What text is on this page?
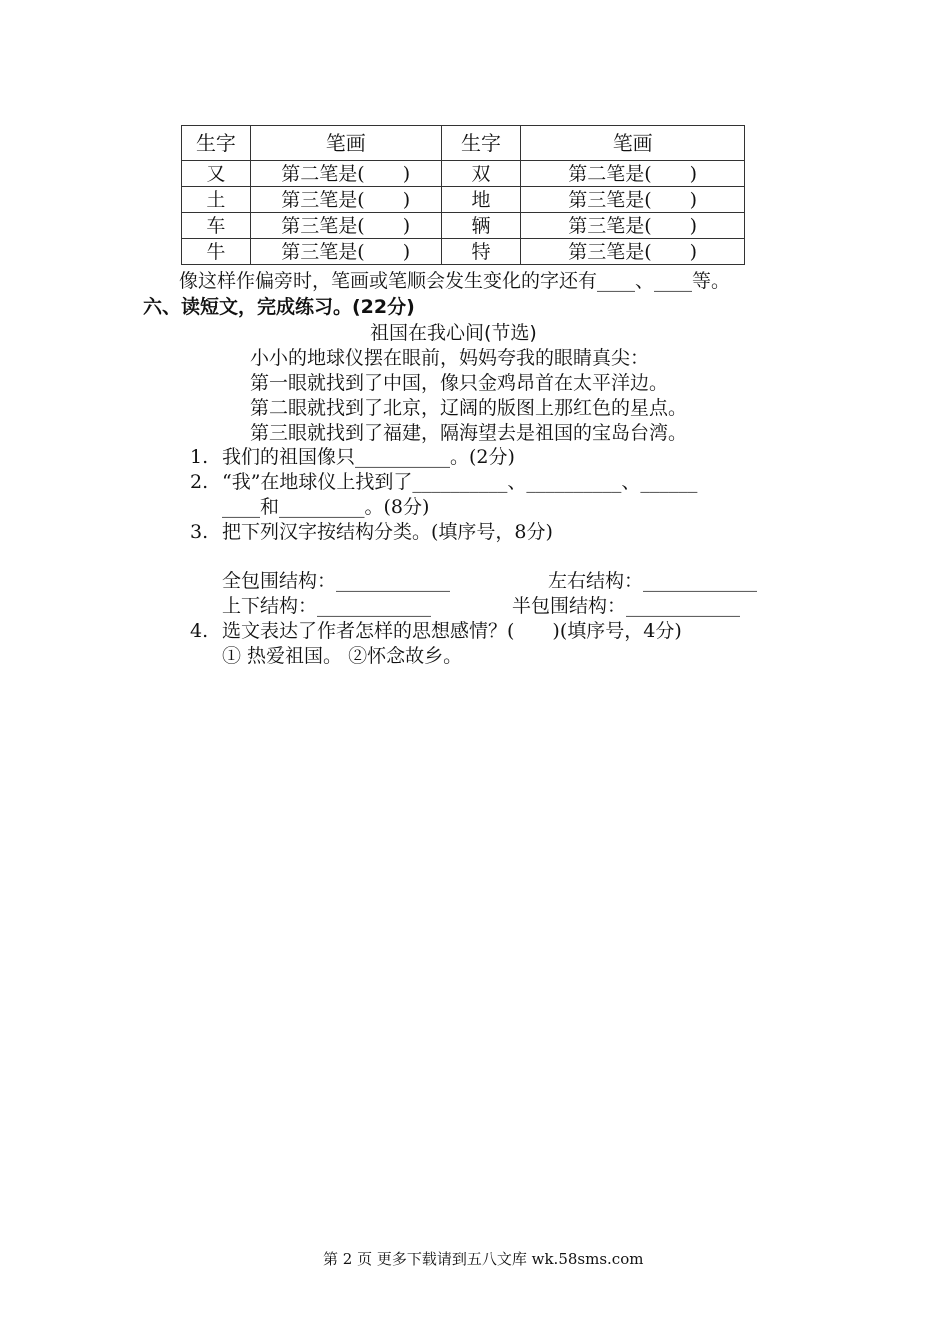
生字	笔画	生字	笔画
又	第二笔是(　　)	双	第二笔是(　　)
土	第三笔是(　　)	地	第三笔是(　　)
车	第三笔是(　　)	辆	第三笔是(　　)
牛	第三笔是(　　)	特	第三笔是(　　)
像这样作偏旁时，笔画或笔顺会发生变化的字还有____、____等。
六、读短文，完成练习。(22分)
祖国在我心间(节选)
小小的地球仪摆在眼前，妈妈夸我的眼睛真尖：
第一眼就找到了中国，像只金鸡昂首在太平洋边。
第二眼就找到了北京，辽阔的版图上那红色的星点。
第三眼就找到了福建，隔海望去是祖国的宝岛台湾。
1. 我们的祖国像只__________。(2分)
2. “我”在地球仪上找到了__________、__________、______
____和_________。(8分)
3. 把下列汉字按结构分类。(填序号，8分)
全包围结构：____________	左右结构：____________
上下结构：____________	半包围结构：____________
4. 选文表达了作者怎样的思想感情？(　　)(填序号，4分)
① 热爱祖国。 ②怀念故乡。
第 2 页 更多下载请到五八文库 wk.58sms.com
